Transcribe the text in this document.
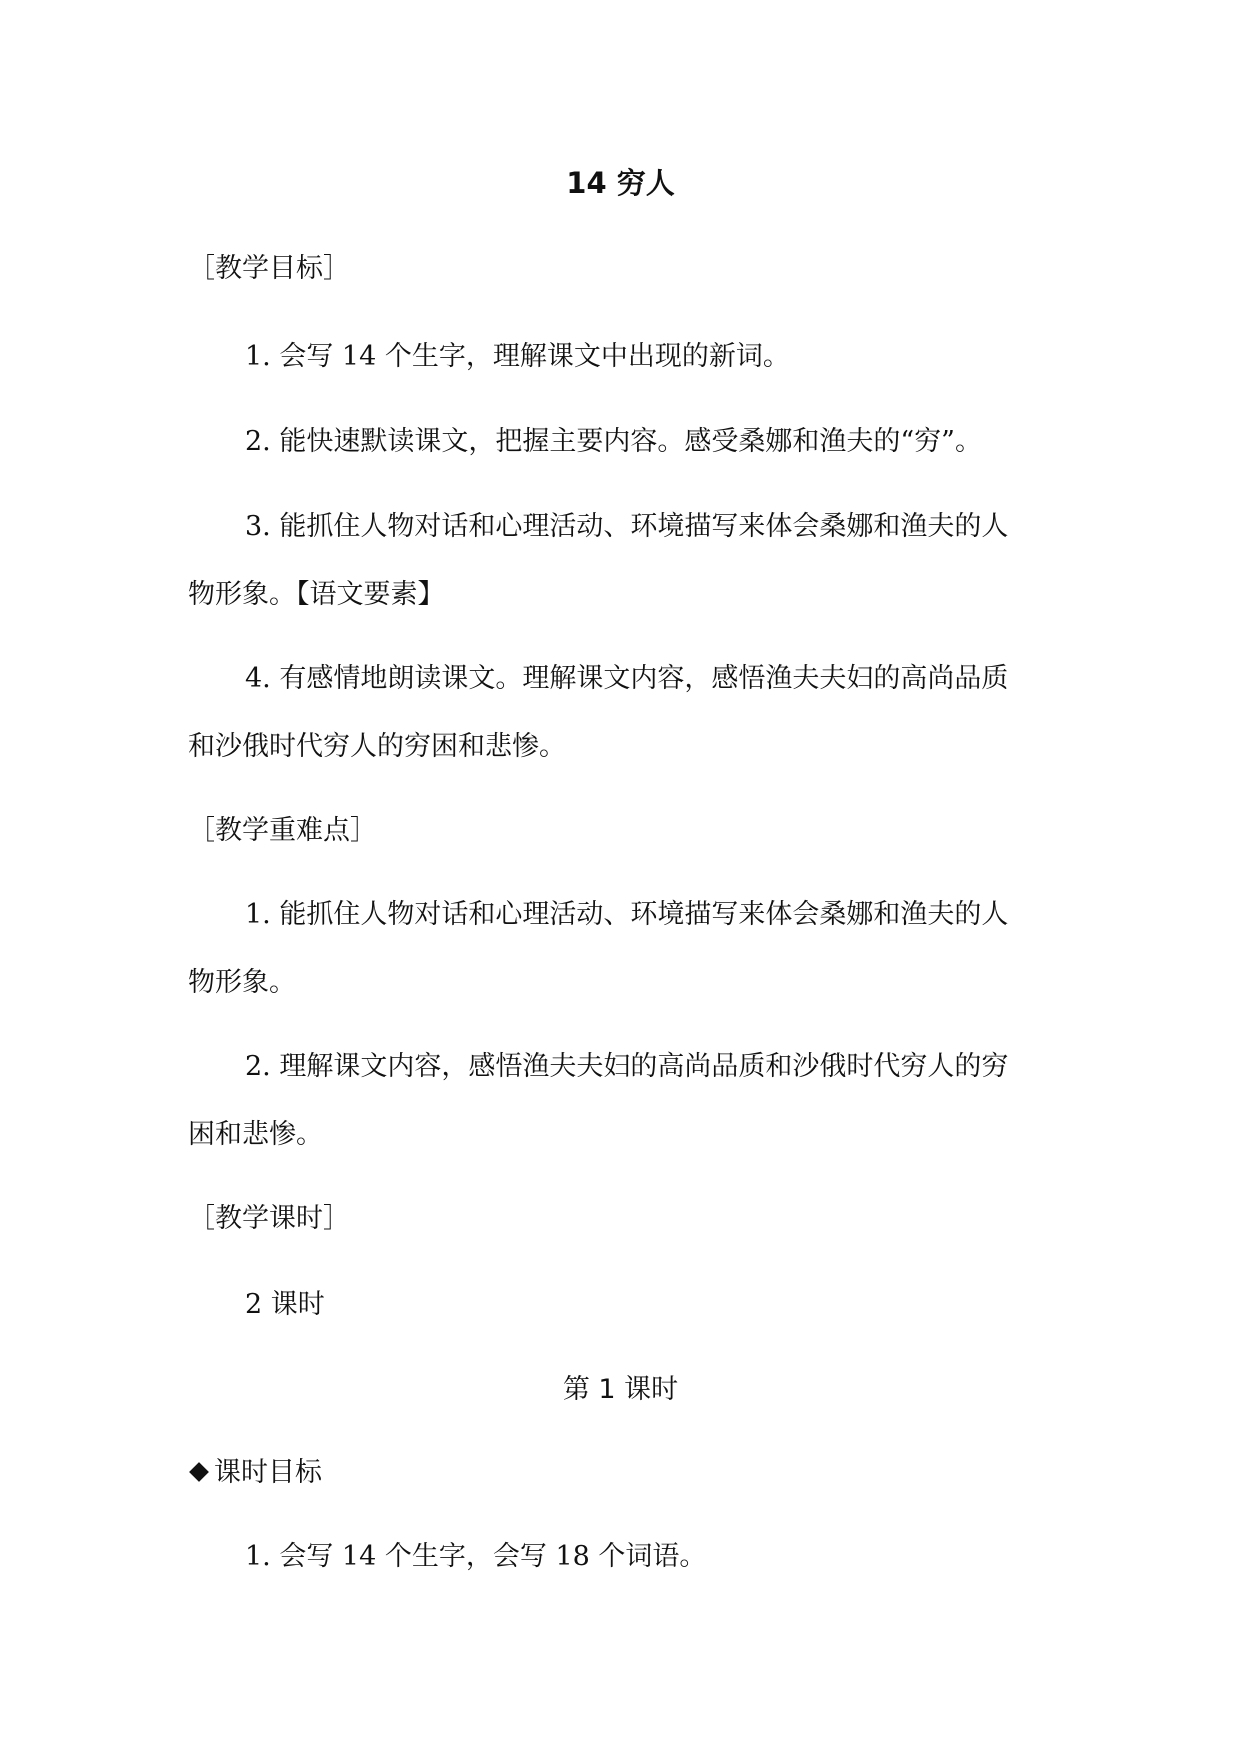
14 穷人
［教学目标］
1. 会写 14 个生字，理解课文中出现的新词。
2. 能快速默读课文，把握主要内容。感受桑娜和渔夫的“穷”。
3. 能抓住人物对话和心理活动、环境描写来体会桑娜和渔夫的人
物形象。【语文要素】
4. 有感情地朗读课文。理解课文内容，感悟渔夫夫妇的高尚品质
和沙俄时代穷人的穷困和悲惨。
［教学重难点］
1. 能抓住人物对话和心理活动、环境描写来体会桑娜和渔夫的人
物形象。
2. 理解课文内容，感悟渔夫夫妇的高尚品质和沙俄时代穷人的穷
困和悲惨。
［教学课时］
2 课时
第 1 课时
课时目标
1. 会写 14 个生字，会写 18 个词语。
